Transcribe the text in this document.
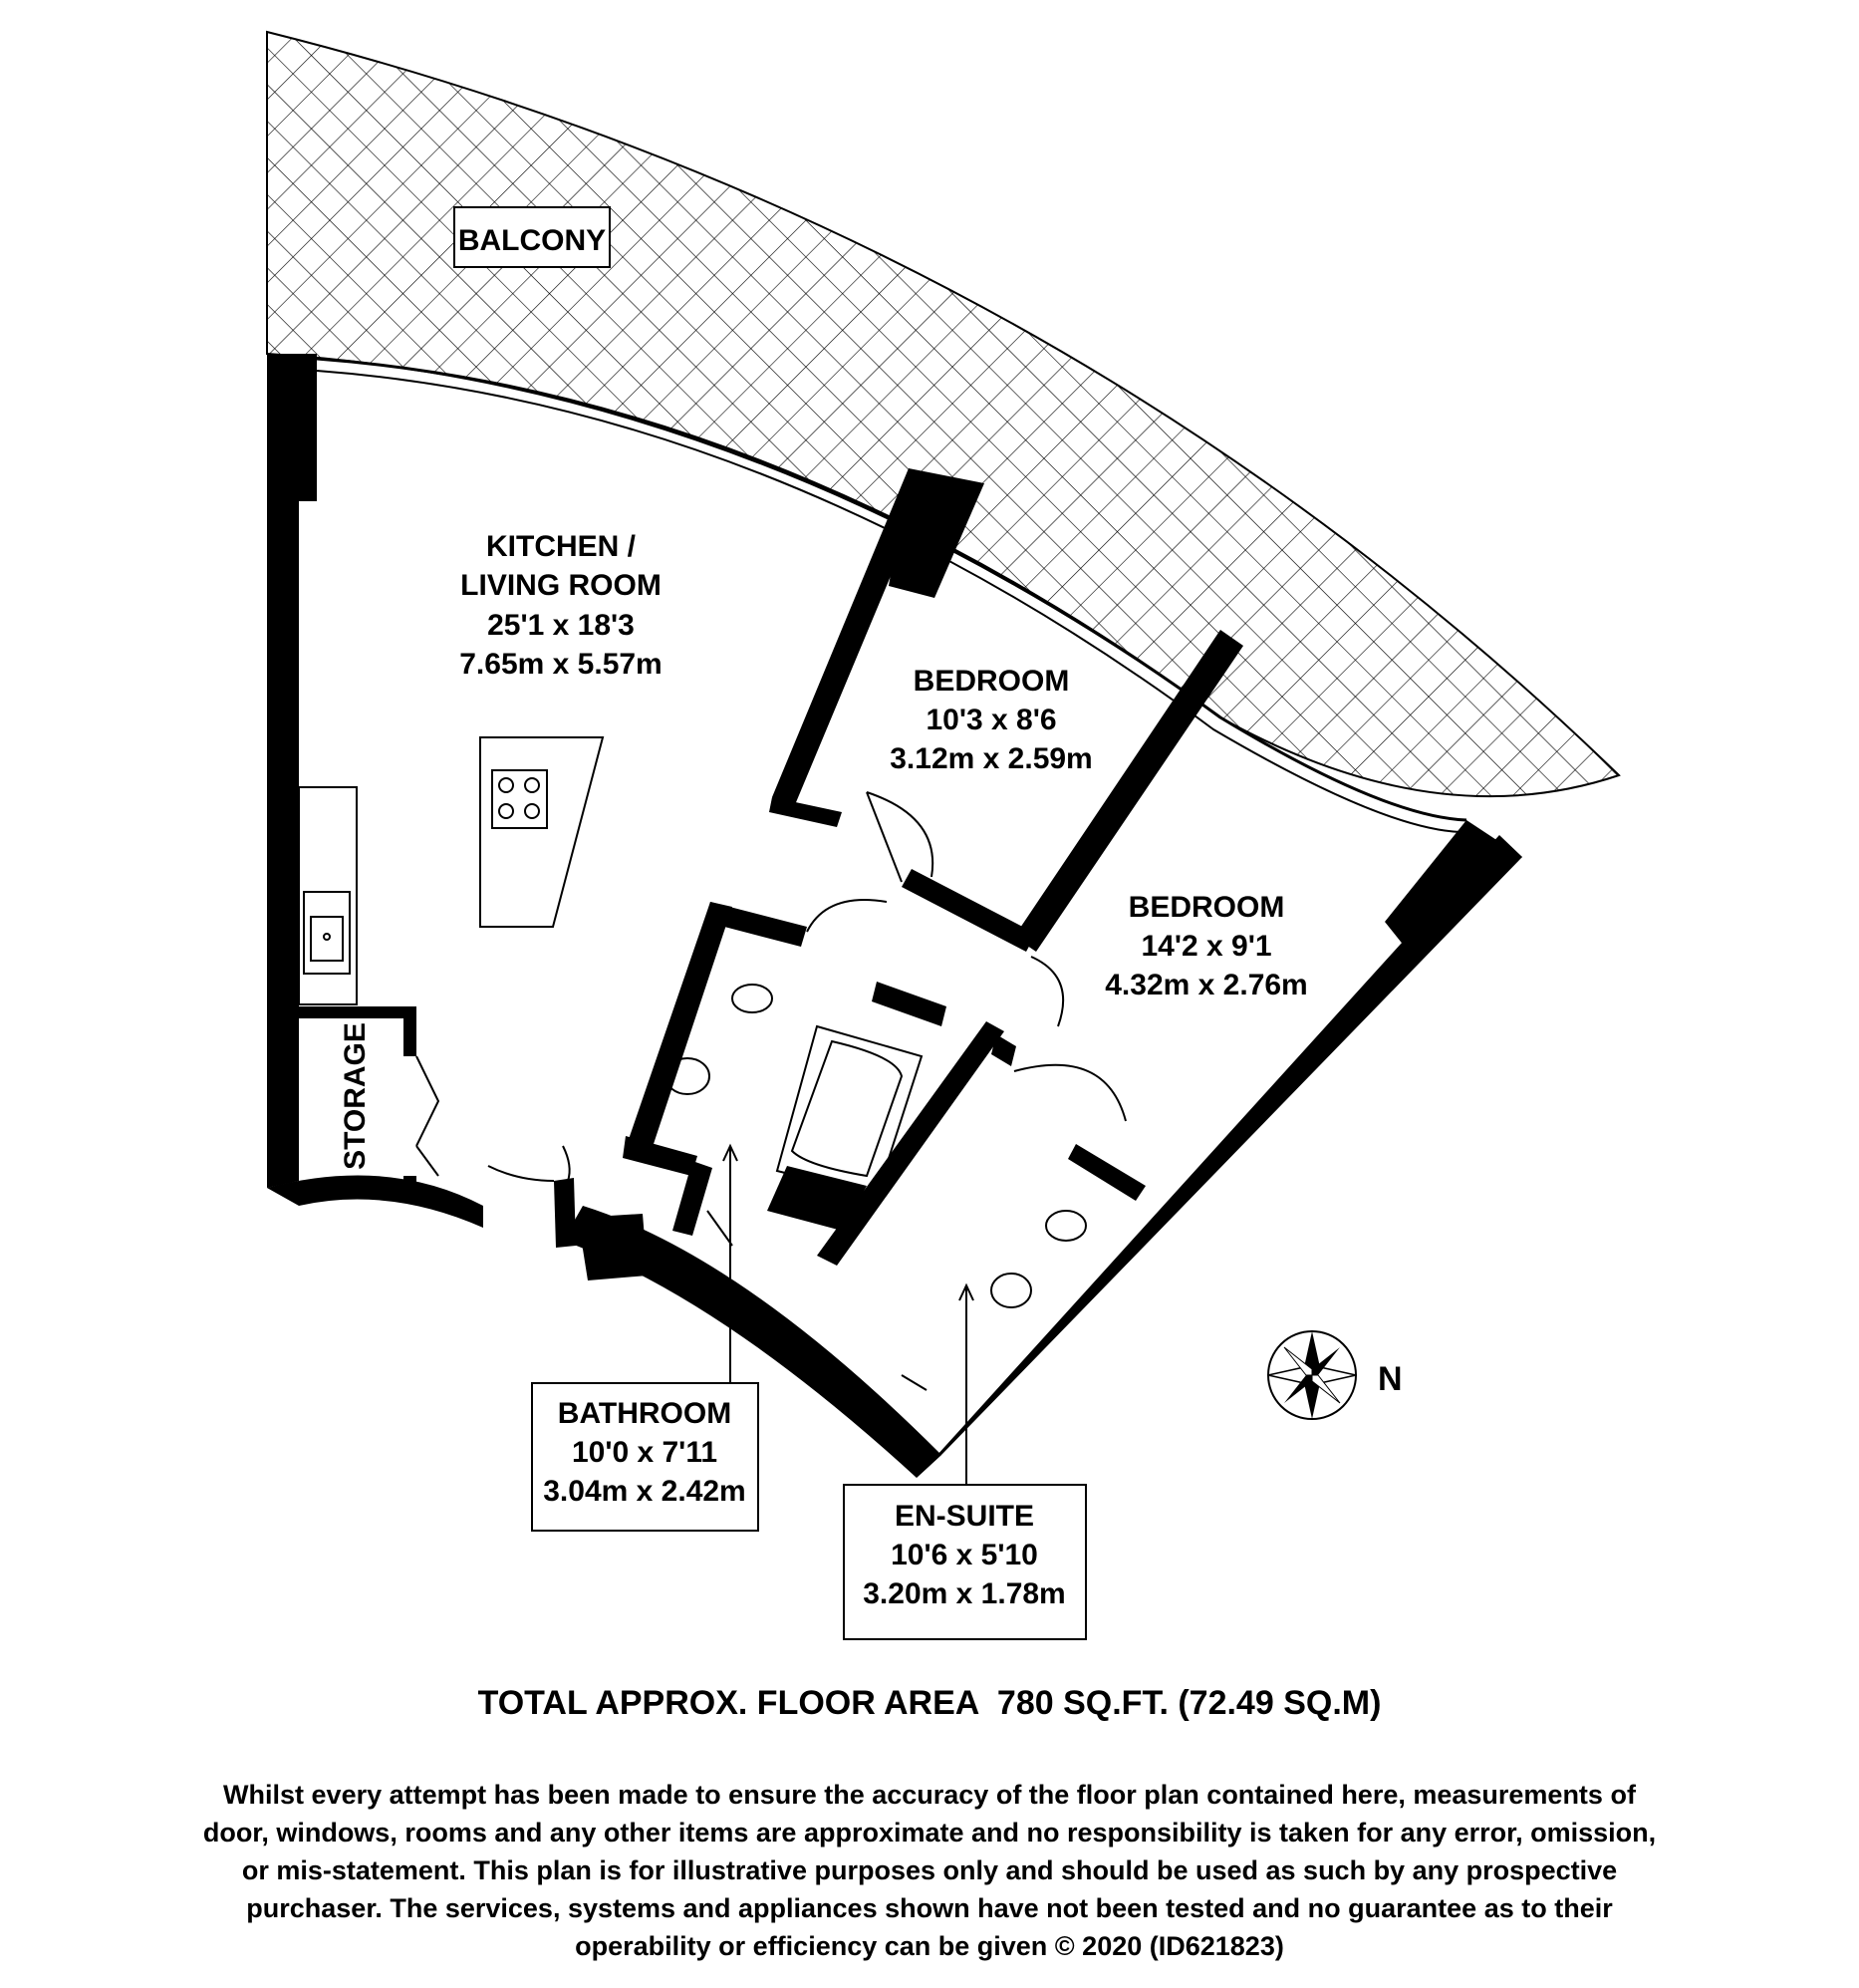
BALCONY
KITCHEN /
LIVING ROOM
25'1 x 18'3
7.65m x 5.57m
BEDROOM
10'3 x 8'6
3.12m x 2.59m
BEDROOM
14'2 x 9'1
4.32m x 2.76m
STORAGE
BATHROOM
10'0 x 7'11
3.04m x 2.42m
EN-SUITE
10'6 x 5'10
3.20m x 1.78m
N
TOTAL APPROX. FLOOR AREA  780 SQ.FT. (72.49 SQ.M)
Whilst every attempt has been made to ensure the accuracy of the floor plan contained here, measurements of door, windows, rooms and any other items are approximate and no responsibility is taken for any error, omission, or mis-statement. This plan is for illustrative purposes only and should be used as such by any prospective purchaser. The services, systems and appliances shown have not been tested and no guarantee as to their operability or efficiency can be given © 2020 (ID621823)
